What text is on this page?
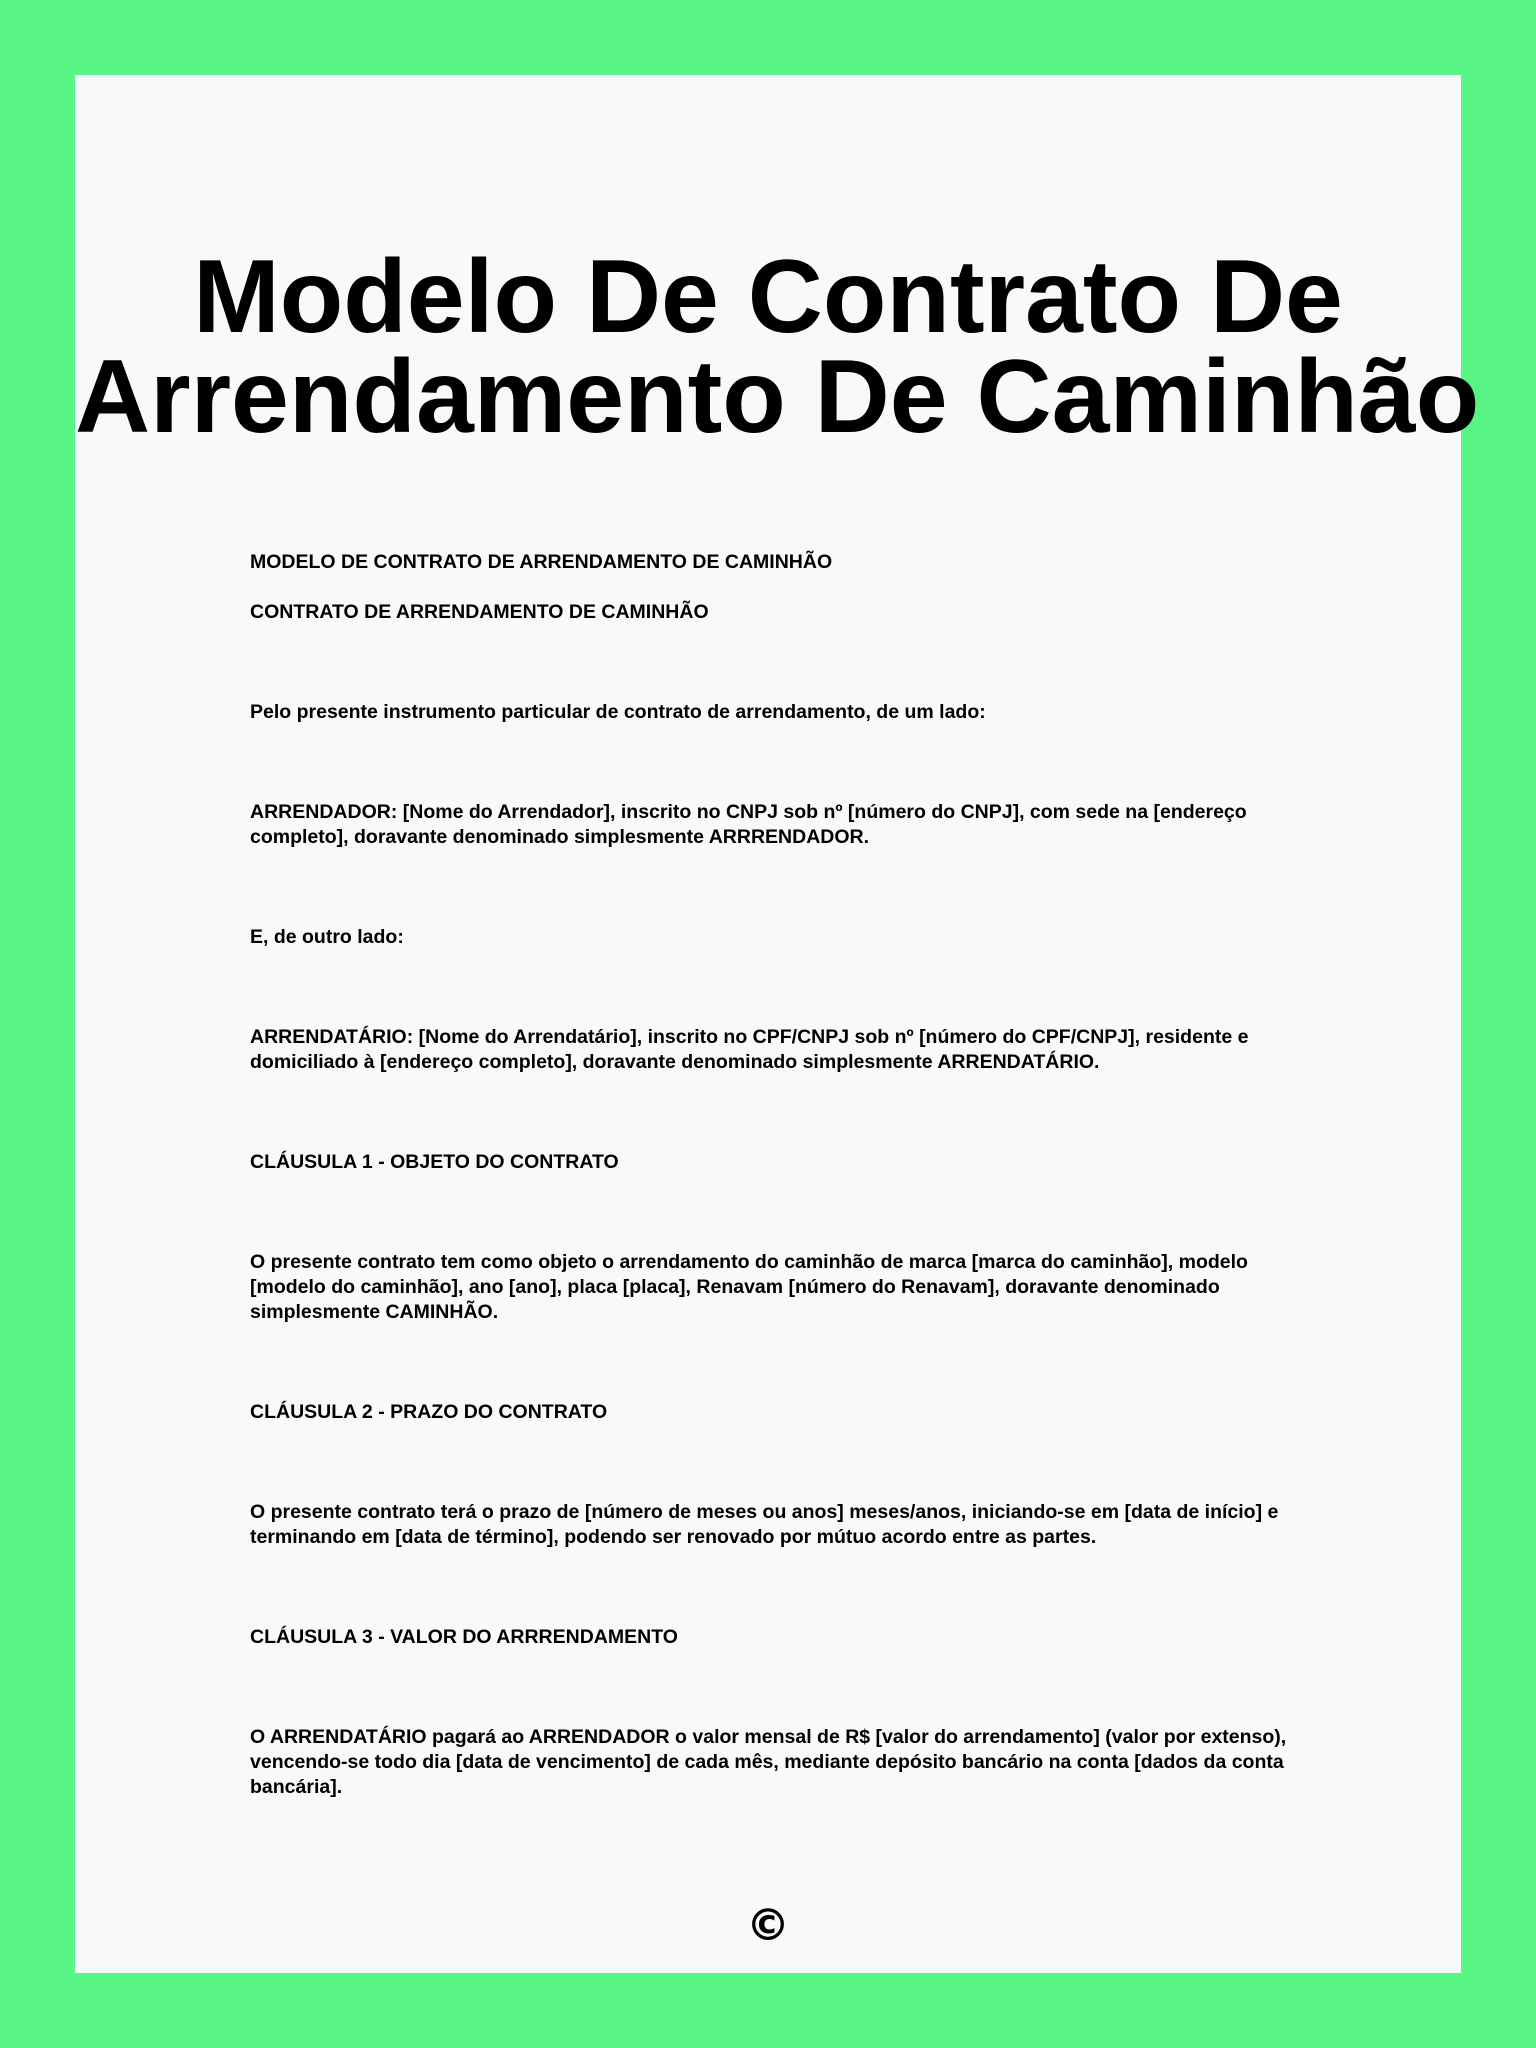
Modelo De Contrato De
Arrendamento De Caminhão

MODELO DE CONTRATO DE ARRENDAMENTO DE CAMINHÃO

CONTRATO DE ARRENDAMENTO DE CAMINHÃO

Pelo presente instrumento particular de contrato de arrendamento, de um lado:

ARRENDADOR: [Nome do Arrendador], inscrito no CNPJ sob nº [número do CNPJ], com sede na [endereço completo], doravante denominado simplesmente ARRRENDADOR.

E, de outro lado:

ARRENDATÁRIO: [Nome do Arrendatário], inscrito no CPF/CNPJ sob nº [número do CPF/CNPJ], residente e domiciliado à [endereço completo], doravante denominado simplesmente ARRENDATÁRIO.

CLÁUSULA 1 - OBJETO DO CONTRATO

O presente contrato tem como objeto o arrendamento do caminhão de marca [marca do caminhão], modelo [modelo do caminhão], ano [ano], placa [placa], Renavam [número do Renavam], doravante denominado simplesmente CAMINHÃO.

CLÁUSULA 2 - PRAZO DO CONTRATO

O presente contrato terá o prazo de [número de meses ou anos] meses/anos, iniciando-se em [data de início] e terminando em [data de término], podendo ser renovado por mútuo acordo entre as partes.

CLÁUSULA 3 - VALOR DO ARRRENDAMENTO

O ARRENDATÁRIO pagará ao ARRENDADOR o valor mensal de R$ [valor do arrendamento] (valor por extenso), vencendo-se todo dia [data de vencimento] de cada mês, mediante depósito bancário na conta [dados da conta bancária].

©
